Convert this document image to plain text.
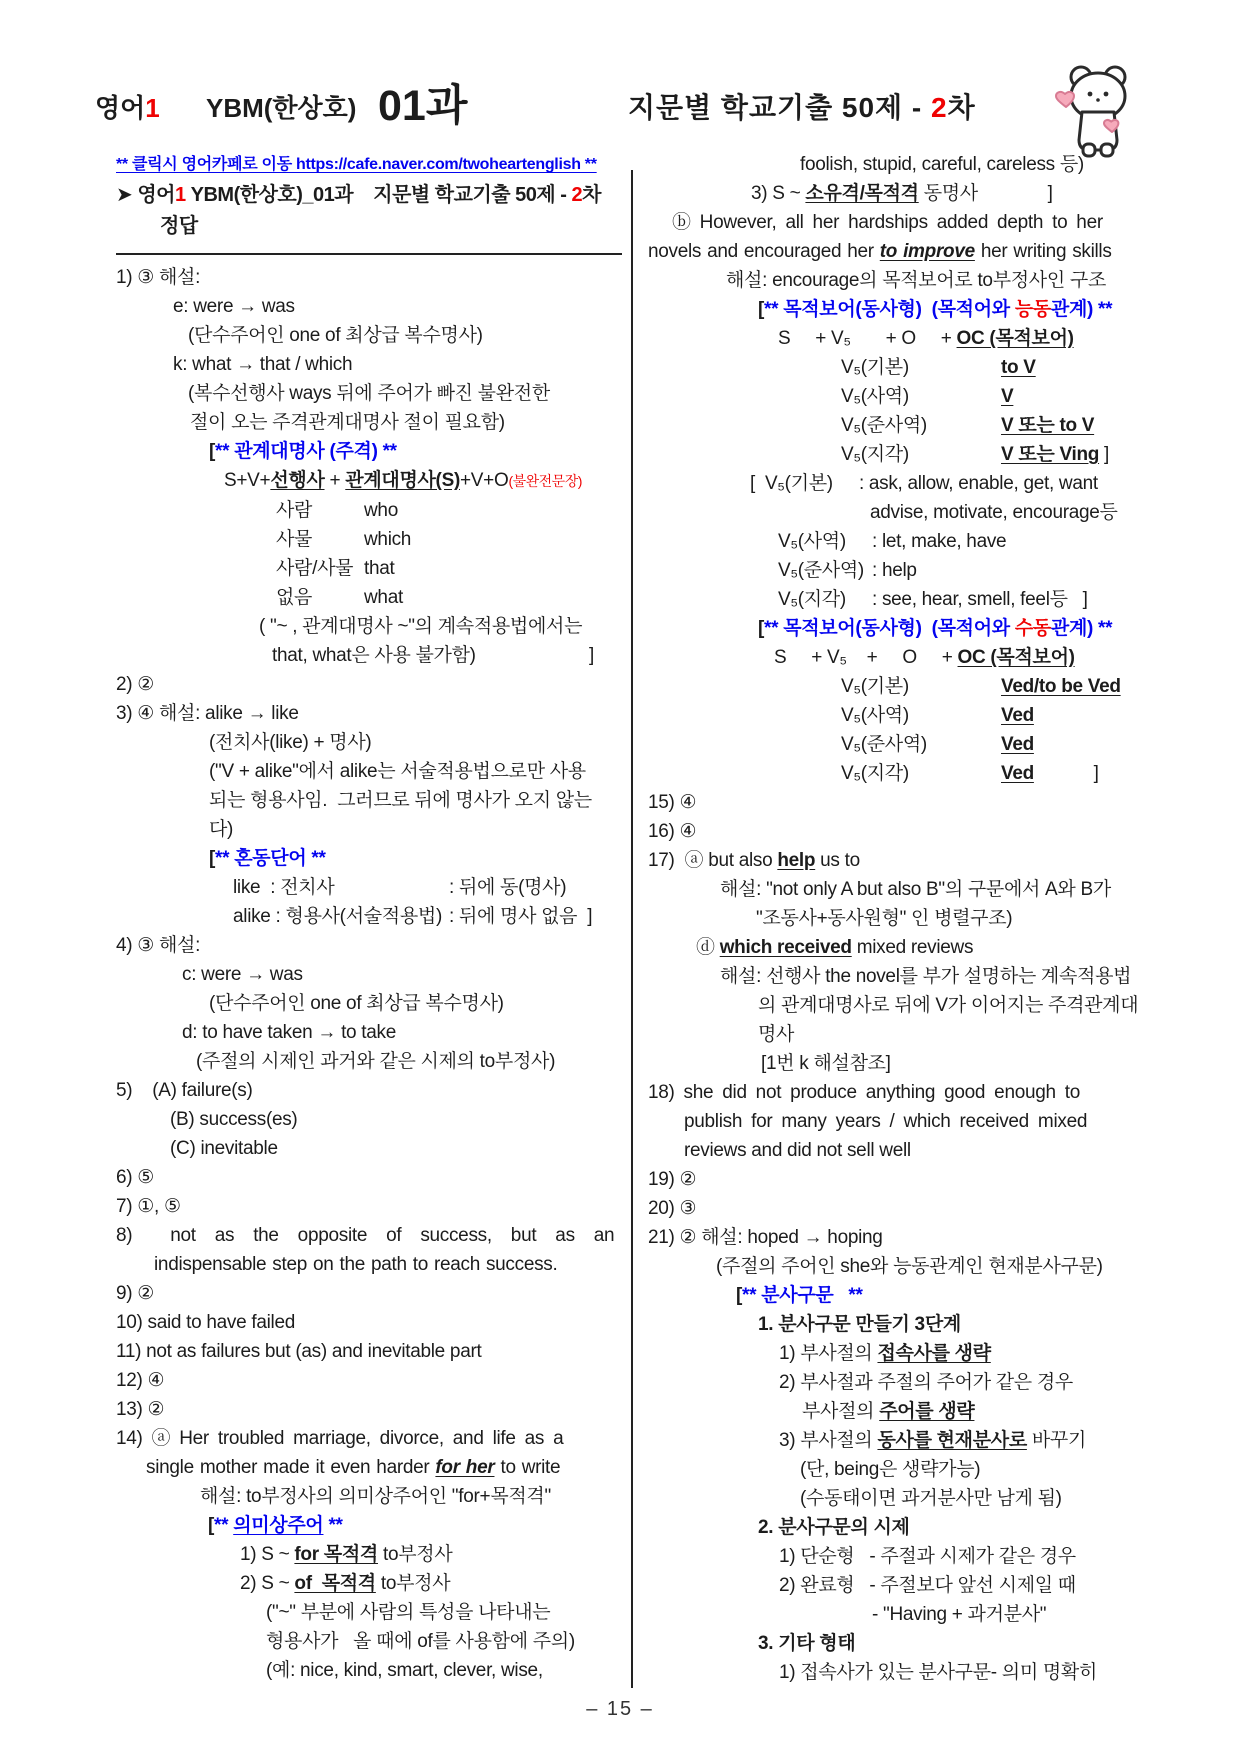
영어1 YBM(한상호) 01과	지문별 학교기출 50제 - 2차
** 클릭시 영어카페로 이동 https://cafe.naver.com/twoheartenglish **
➤ 영어1 YBM(한상호)_01과    지문별 학교기출 50제 - 2차
정답
1) ③ 해설:
e: were → was
(단수주어인 one of 최상급 복수명사)
k: what → that / which
(복수선행사 ways 뒤에 주어가 빠진 불완전한
절이 오는 주격관계대명사 절이 필요함)
[** 관계대명사 (주격) **
S+V+선행사 + 관계대명사(S)+V+O(불완전문장)
사람	who
사물	which
사람/사물 that
없음	what
( "~ , 관계대명사 ~"의 계속적용법에서는
that, what은 사용 불가함)	]
2) ②
3) ④ 해설: alike → like
(전치사(like) + 명사)
("V + alike"에서 alike는 서술적용법으로만 사용
되는 형용사임.  그러므로 뒤에 명사가 오지 않는
다)
[** 혼동단어 **
like  : 전치사	: 뒤에 동(명사)
alike : 형용사(서술적용법) : 뒤에 명사 없음  ]
4) ③ 해설:
c: were → was
(단수주어인 one of 최상급 복수명사)
d: to have taken → to take
(주절의 시제인 과거와 같은 시제의 to부정사)
5)    (A) failure(s)
(B) success(es)
(C) inevitable
6) ⑤
7) ①, ⑤
8)  not as the opposite of success, but as an
indispensable step on the path to reach success.
9) ②
10) said to have failed
11) not as failures but (as) and inevitable part
12) ④
13) ②
14) ⓐ Her troubled marriage, divorce, and life as a
single mother made it even harder for her to write
해설: to부정사의 의미상주어인 "for+목적격"
[** 의미상주어 **
1) S ~ for 목적격 to부정사
2) S ~ of  목적격 to부정사
("~" 부분에 사람의 특성을 나타내는
형용사가   올 때에 of를 사용함에 주의)
(예: nice, kind, smart, clever, wise,
foolish, stupid, careful, careless 등)
3) S ~ 소유격/목적격 동명사              ]
ⓑ However, all her hardships added depth to her
novels and encouraged her to improve her writing skills
해설: encourage의 목적보어로 to부정사인 구조
[** 목적보어(동사형)  (목적어와 능동관계) **
S     + V₅       + O     + OC (목적보어)
V₅(기본)	to V
V₅(사역)	V
V₅(준사역)	V 또는 to V
V₅(지각)	V 또는 Ving ]
[  V₅(기본) : ask, allow, enable, get, want
advise, motivate, encourage등
V₅(사역) : let, make, have
V₅(준사역) : help
V₅(지각) : see, hear, smell, feel등   ]
[** 목적보어(동사형)  (목적어와 수동관계) **
S     + V₅    +     O     + OC (목적보어)
V₅(기본)	Ved/to be Ved
V₅(사역)	Ved
V₅(준사역)	Ved
V₅(지각)	Ved            ]
15) ④
16) ④
17)  ⓐ but also help us to
해설: "not only A but also B"의 구문에서 A와 B가
"조동사+동사원형" 인 병렬구조)
ⓓ which received mixed reviews
해설: 선행사 the novel를 부가 설명하는 계속적용법
의 관계대명사로 뒤에 V가 이어지는 주격관계대
명사
[1번 k 해설참조]
18) she did not produce anything good enough to
publish for many years / which received mixed
reviews and did not sell well
19) ②
20) ③
21) ② 해설: hoped → hoping
(주절의 주어인 she와 능동관계인 현재분사구문)
[** 분사구문   **
1. 분사구문 만들기 3단계
1) 부사절의 접속사를 생략
2) 부사절과 주절의 주어가 같은 경우
부사절의 주어를 생략
3) 부사절의 동사를 현재분사로 바꾸기
(단, being은 생략가능)
(수동태이면 과거분사만 남게 됨)
2. 분사구문의 시제
1) 단순형   - 주절과 시제가 같은 경우
2) 완료형   - 주절보다 앞선 시제일 때
- "Having + 과거분사"
3. 기타 형태
1) 접속사가 있는 분사구문- 의미 명확히
– 15 –
